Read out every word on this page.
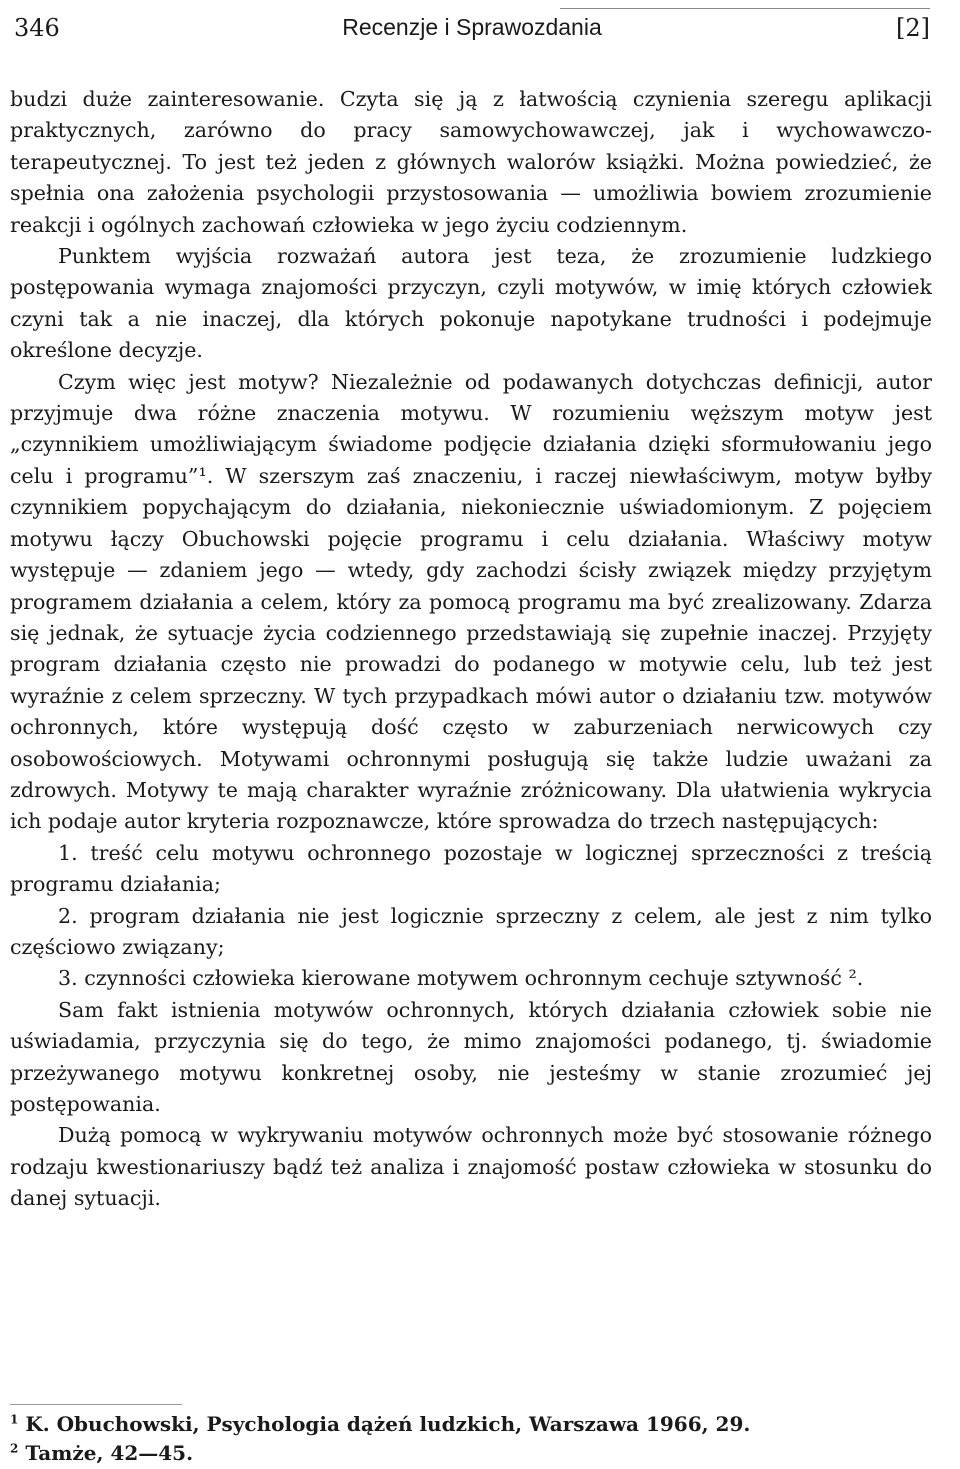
346	Recenzje i Sprawozdania	[2]

budzi duże zainteresowanie. Czyta się ją z łatwością czynienia szeregu aplikacji praktycznych, zarówno do pracy samowychowawczej, jak i wychowawczo-terapeutycznej. To jest też jeden z głównych walorów książki. Można powiedzieć, że spełnia ona założenia psychologii przystosowania — umożliwia bowiem zrozumienie reakcji i ogólnych zachowań człowieka w jego życiu codziennym.

Punktem wyjścia rozważań autora jest teza, że zrozumienie ludzkiego postępowania wymaga znajomości przyczyn, czyli motywów, w imię których człowiek czyni tak a nie inaczej, dla których pokonuje napotykane trudności i podejmuje określone decyzje.

Czym więc jest motyw? Niezależnie od podawanych dotychczas definicji, autor przyjmuje dwa różne znaczenia motywu. W rozumieniu węższym motyw jest „czynnikiem umożliwiającym świadome podjęcie działania dzięki sformułowaniu jego celu i programu”¹. W szerszym zaś znaczeniu, i raczej niewłaściwym, motyw byłby czynnikiem popychającym do działania, niekoniecznie uświadomionym. Z pojęciem motywu łączy Obuchowski pojęcie programu i celu działania. Właściwy motyw występuje — zdaniem jego — wtedy, gdy zachodzi ścisły związek między przyjętym programem działania a celem, który za pomocą programu ma być zrealizowany. Zdarza się jednak, że sytuacje życia codziennego przedstawiają się zupełnie inaczej. Przyjęty program działania często nie prowadzi do podanego w motywie celu, lub też jest wyraźnie z celem sprzeczny. W tych przypadkach mówi autor o działaniu tzw. motywów ochronnych, które występują dość często w zaburzeniach nerwicowych czy osobowościowych. Motywami ochronnymi posługują się także ludzie uważani za zdrowych. Motywy te mają charakter wyraźnie zróżnicowany. Dla ułatwienia wykrycia ich podaje autor kryteria rozpoznawcze, które sprowadza do trzech następujących:

1. treść celu motywu ochronnego pozostaje w logicznej sprzeczności z treścią programu działania;

2. program działania nie jest logicznie sprzeczny z celem, ale jest z nim tylko częściowo związany;

3. czynności człowieka kierowane motywem ochronnym cechuje sztywność ².

Sam fakt istnienia motywów ochronnych, których działania człowiek sobie nie uświadamia, przyczynia się do tego, że mimo znajomości podanego, tj. świadomie przeżywanego motywu konkretnej osoby, nie jesteśmy w stanie zrozumieć jej postępowania.

Dużą pomocą w wykrywaniu motywów ochronnych może być stosowanie różnego rodzaju kwestionariuszy bądź też analiza i znajomość postaw człowieka w stosunku do danej sytuacji.

$^1$ K. Obuchowski, Psychologia dążeń ludzkich, Warszawa 1966, 29.
$^2$ Tamże, 42—45.
